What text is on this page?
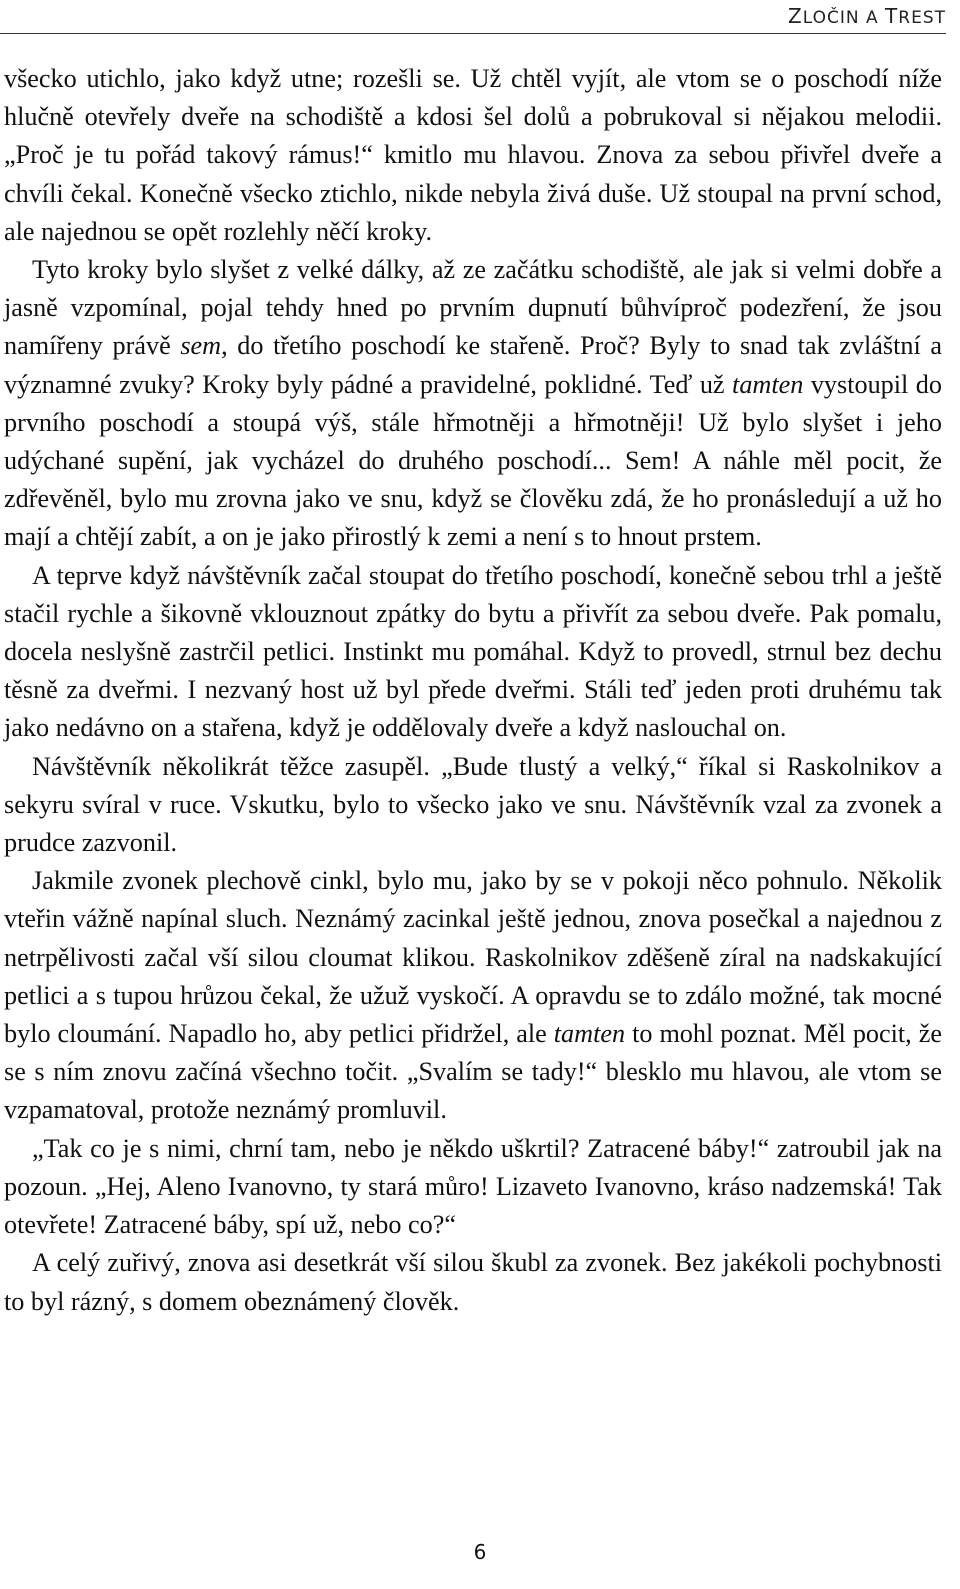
ZLOČIN A TREST

všecko utichlo, jako když utne; rozešli se. Už chtěl vyjít, ale vtom se o poschodí níže hlučně otevřely dveře na schodiště a kdosi šel dolů a pobrukoval si nějakou melodii. „Proč je tu pořád takový rámus!“ kmitlo mu hlavou. Znova za sebou přivřel dveře a chvíli čekal. Konečně všecko ztichlo, nikde nebyla živá duše. Už stoupal na první schod, ale najednou se opět rozlehly něčí kroky.

Tyto kroky bylo slyšet z velké dálky, až ze začátku schodiště, ale jak si velmi dobře a jasně vzpomínal, pojal tehdy hned po prvním dupnutí bůhvíproč podezření, že jsou namířeny právě sem, do třetího poschodí ke stařeně. Proč? Byly to snad tak zvláštní a významné zvuky? Kroky byly pádné a pravidelné, poklidné. Teď už tamten vystoupil do prvního poschodí a stoupá výš, stále hřmotněji a hřmotněji! Už bylo slyšet i jeho udýchané supění, jak vycházel do druhého poschodí... Sem! A náhle měl pocit, že zdřevěněl, bylo mu zrovna jako ve snu, když se člověku zdá, že ho pronásledují a už ho mají a chtějí zabít, a on je jako přirostlý k zemi a není s to hnout prstem.

A teprve když návštěvník začal stoupat do třetího poschodí, konečně sebou trhl a ještě stačil rychle a šikovně vklouznout zpátky do bytu a přivřít za sebou dveře. Pak pomalu, docela neslyšně zastrčil petlici. Instinkt mu pomáhal. Když to provedl, strnul bez dechu těsně za dveřmi. I nezvaný host už byl přede dveřmi. Stáli teď jeden proti druhému tak jako nedávno on a stařena, když je oddělovaly dveře a když naslouchal on.

Návštěvník několikrát těžce zasupěl. „Bude tlustý a velký,“ říkal si Raskolnikov a sekyru svíral v ruce. Vskutku, bylo to všecko jako ve snu. Návštěvník vzal za zvonek a prudce zazvonil.

Jakmile zvonek plechově cinkl, bylo mu, jako by se v pokoji něco pohnulo. Několik vteřin vážně napínal sluch. Neznámý zacinkal ještě jednou, znova posečkal a najednou z netrpělivosti začal vší silou cloumat klikou. Raskolnikov zděšeně zíral na nadskakující petlici a s tupou hrůzou čekal, že užuž vyskočí. A opravdu se to zdálo možné, tak mocné bylo cloumání. Napadlo ho, aby petlici přidržel, ale tamten to mohl poznat. Měl pocit, že se s ním znovu začíná všechno točit. „Svalím se tady!“ blesklo mu hlavou, ale vtom se vzpamatoval, protože neznámý promluvil.

„Tak co je s nimi, chrní tam, nebo je někdo uškrtil? Zatracené báby!“ zatroubil jak na pozoun. „Hej, Aleno Ivanovno, ty stará můro! Lizaveto Ivanovno, kráso nadzemská! Tak otevřete! Zatracené báby, spí už, nebo co?“

A celý zuřivý, znova asi desetkrát vší silou škubl za zvonek. Bez jakékoli pochybnosti to byl rázný, s domem obeznámený člověk.

6
